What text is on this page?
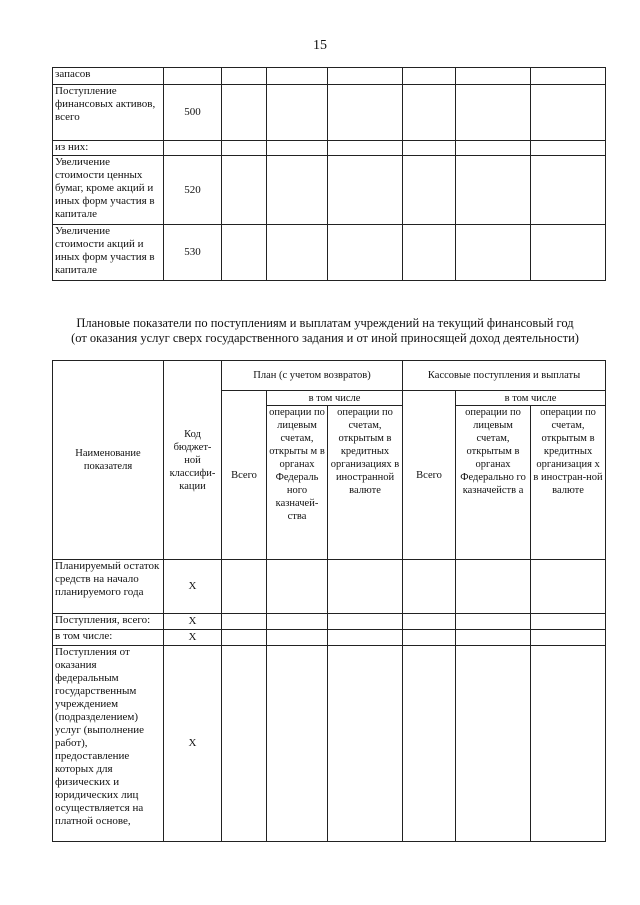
15
запасов							
Поступление финансовых активов, всего	500						
из них:							
Увеличение стоимости ценных бумаг, кроме акций и иных форм участия в капитале	520						
Увеличение стоимости акций и иных форм участия в капитале	530						
Плановые показатели по поступлениям и выплатам учреждений на текущий финансовый год
(от оказания услуг сверх государственного задания и от иной приносящей доход деятельности)
Наименование показателя	Код бюджет-ной классифи-кации	План (с учетом возвратов)			Кассовые поступления и выплаты		
		Всего	в том числе		Всего	в том числе	
			операции по лицевым счетам, открыты м в органах Федераль ного казначей-ства	операции по счетам, открытым в кредитных организациях в иностранной валюте		операции по лицевым счетам, открытым в органах Федерально го казначейств а	операции по счетам, открытым в кредитных организация х в иностран-ной валюте
Планируемый остаток средств на начало планируемого года	Х						
Поступления, всего:	Х						
в том числе:	Х						
Поступления от оказания федеральным государственным учреждением (подразделением) услуг (выполнение работ), предоставление которых для физических и юридических лиц осуществляется на платной основе,	Х						
